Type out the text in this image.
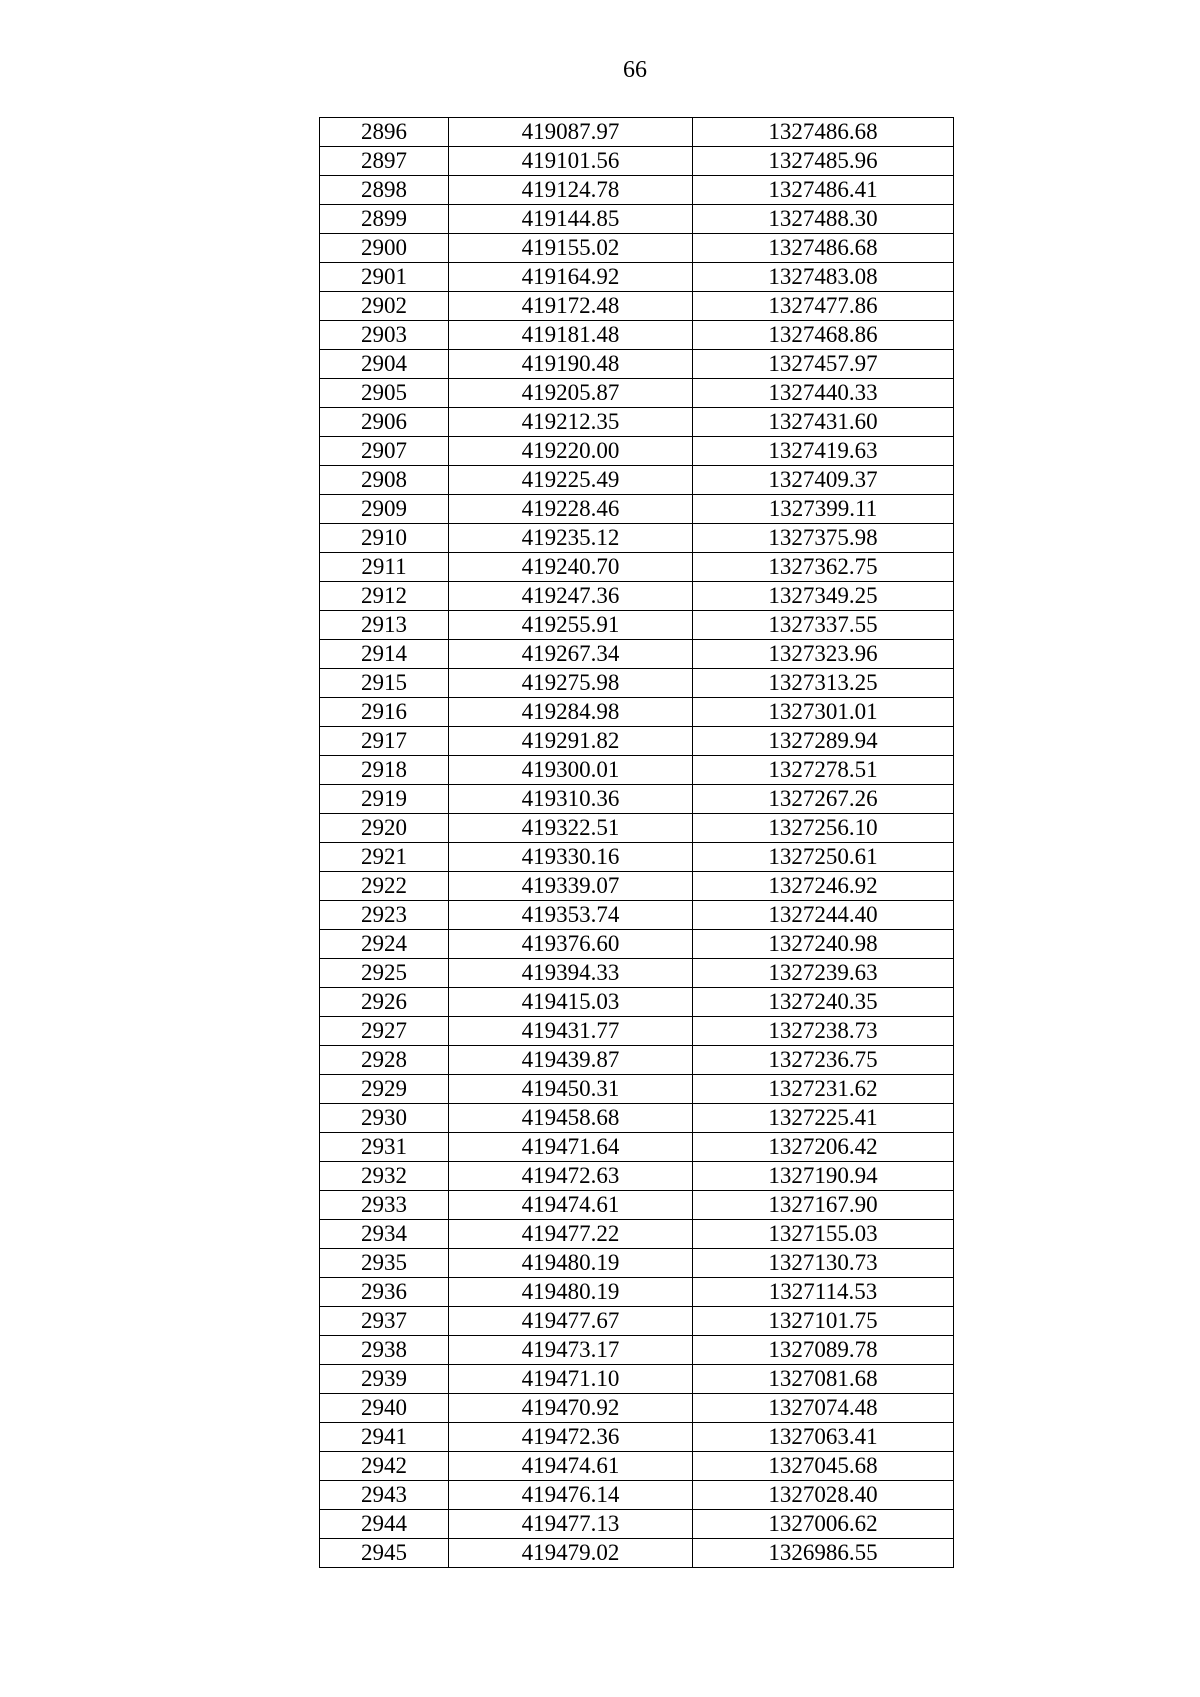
66
2896	419087.97	1327486.68
2897	419101.56	1327485.96
2898	419124.78	1327486.41
2899	419144.85	1327488.30
2900	419155.02	1327486.68
2901	419164.92	1327483.08
2902	419172.48	1327477.86
2903	419181.48	1327468.86
2904	419190.48	1327457.97
2905	419205.87	1327440.33
2906	419212.35	1327431.60
2907	419220.00	1327419.63
2908	419225.49	1327409.37
2909	419228.46	1327399.11
2910	419235.12	1327375.98
2911	419240.70	1327362.75
2912	419247.36	1327349.25
2913	419255.91	1327337.55
2914	419267.34	1327323.96
2915	419275.98	1327313.25
2916	419284.98	1327301.01
2917	419291.82	1327289.94
2918	419300.01	1327278.51
2919	419310.36	1327267.26
2920	419322.51	1327256.10
2921	419330.16	1327250.61
2922	419339.07	1327246.92
2923	419353.74	1327244.40
2924	419376.60	1327240.98
2925	419394.33	1327239.63
2926	419415.03	1327240.35
2927	419431.77	1327238.73
2928	419439.87	1327236.75
2929	419450.31	1327231.62
2930	419458.68	1327225.41
2931	419471.64	1327206.42
2932	419472.63	1327190.94
2933	419474.61	1327167.90
2934	419477.22	1327155.03
2935	419480.19	1327130.73
2936	419480.19	1327114.53
2937	419477.67	1327101.75
2938	419473.17	1327089.78
2939	419471.10	1327081.68
2940	419470.92	1327074.48
2941	419472.36	1327063.41
2942	419474.61	1327045.68
2943	419476.14	1327028.40
2944	419477.13	1327006.62
2945	419479.02	1326986.55
